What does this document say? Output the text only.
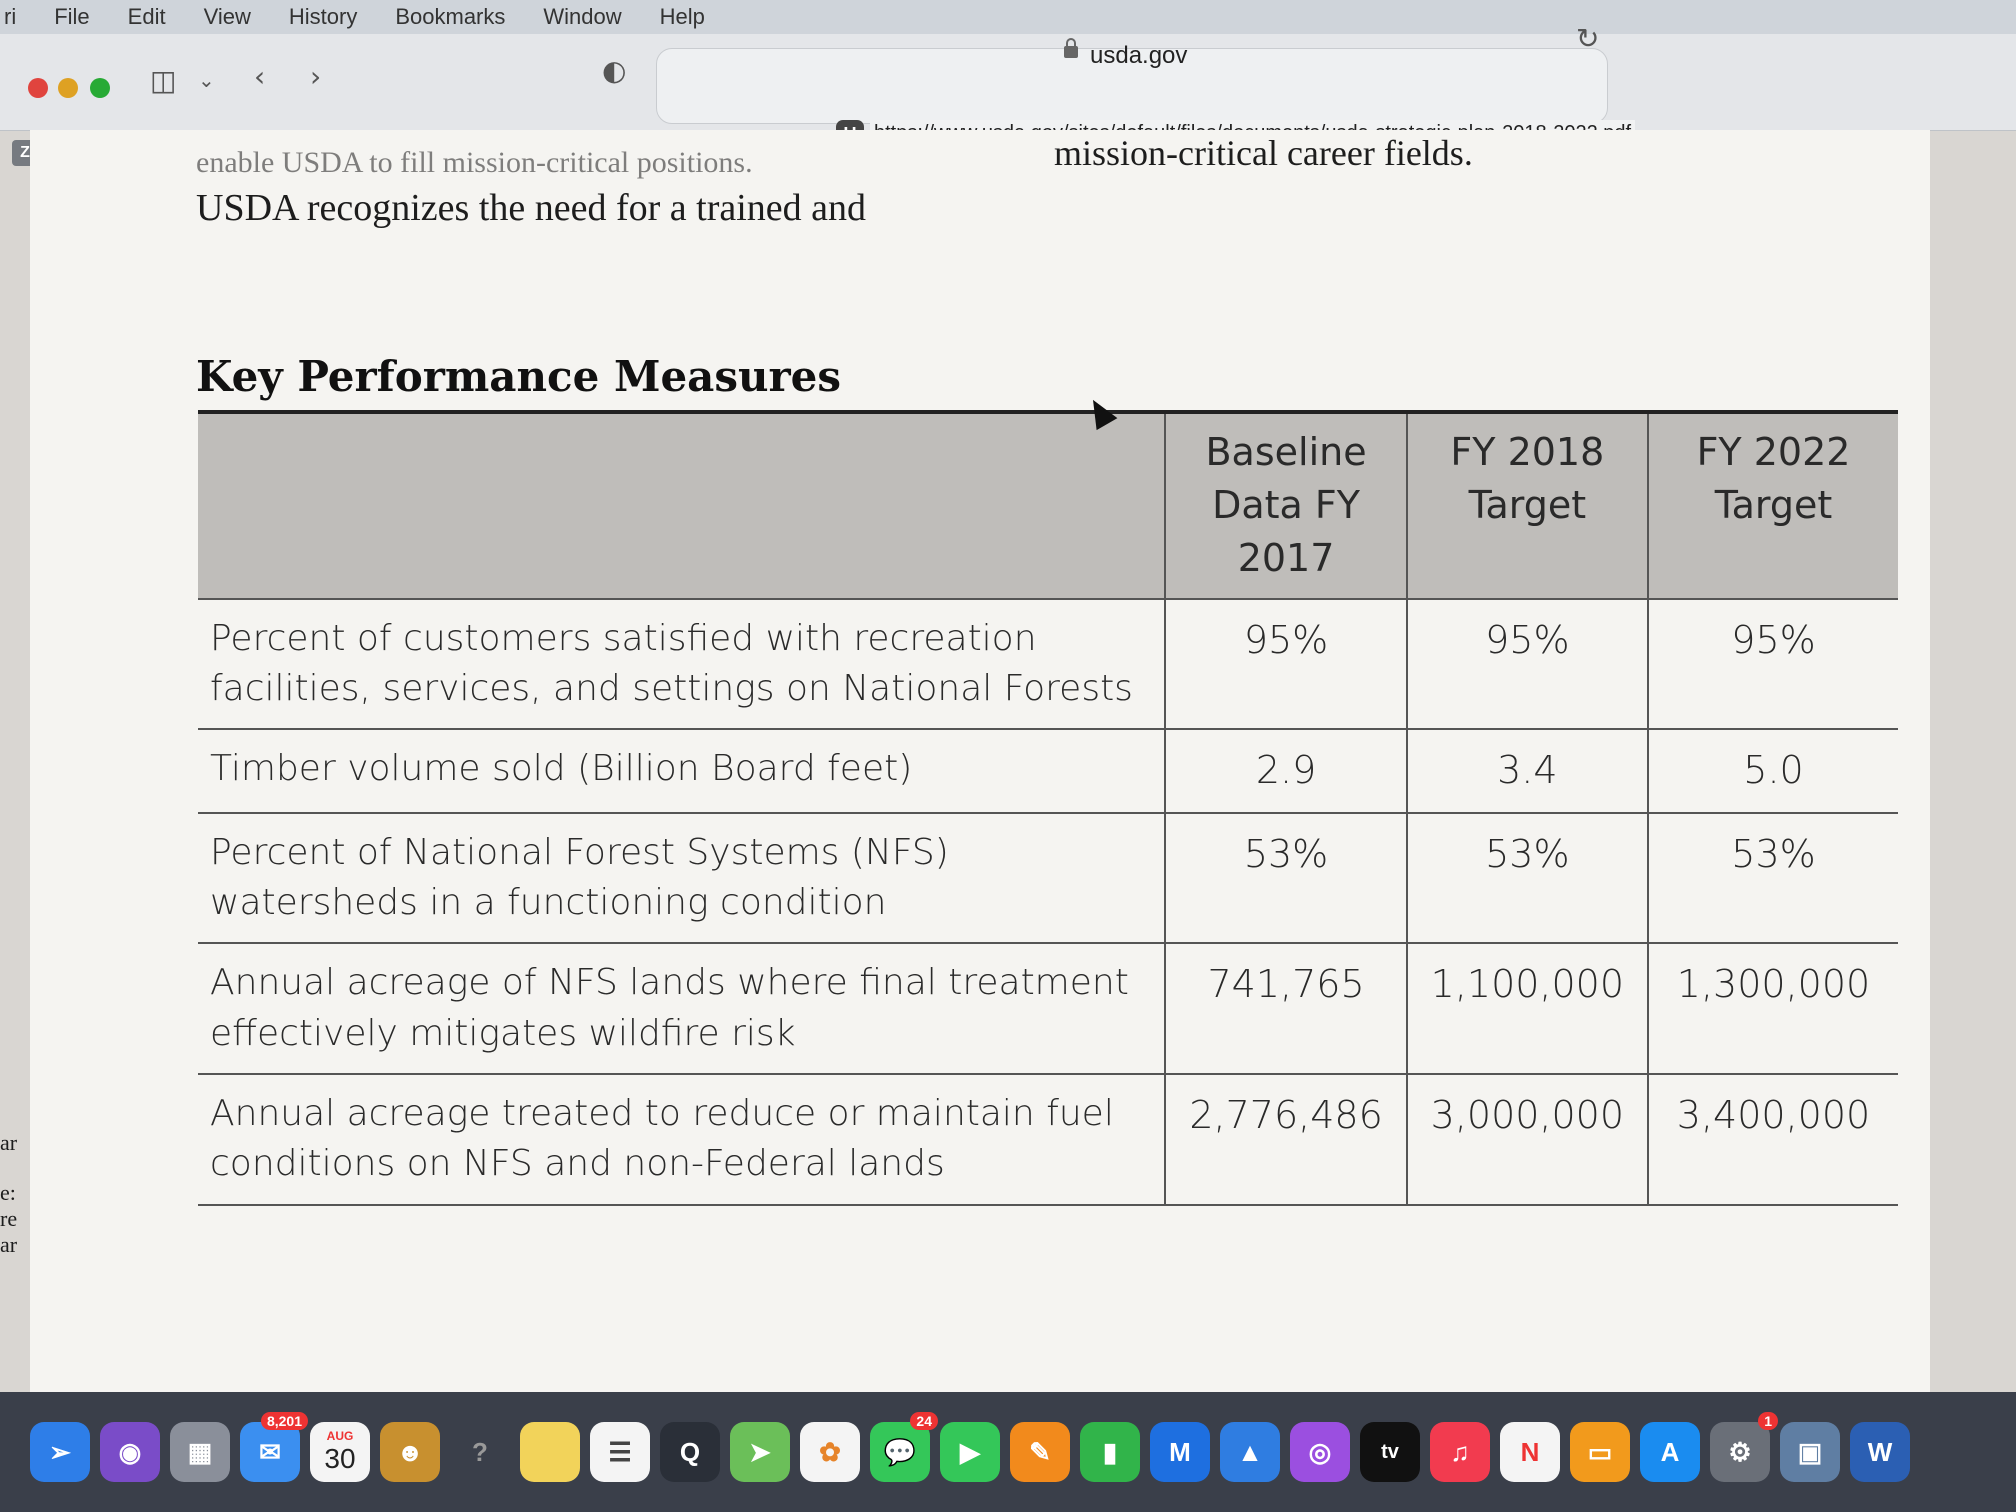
ri File Edit View History Bookmarks Window Help
◫ ⌄ ‹ ›	◐	usda.gov
↻
Z	enable USDA to fill mission-critical positions.	mission-critical career fields.
USDA recognizes the need for a trained and
ar
e:
re
ar
Key Performance Measures
	Baseline Data FY 2017	FY 2018 Target	FY 2022 Target
Percent of customers satisfied with recreation facilities, services, and settings on National Forests	95%	95%	95%
Timber volume sold (Billion Board feet)	2.9	3.4	5.0
Percent of National Forest Systems (NFS) watersheds in a functioning condition	53%	53%	53%
Annual acreage of NFS lands where final treatment effectively mitigates wildfire risk	741,765	1,100,000	1,300,000
Annual acreage treated to reduce or maintain fuel conditions on NFS and non-Federal lands	2,776,486	3,000,000	3,400,000
➢	◉	▦	✉
8,201
AUG
30	☻	?	☰	Q	➤	✿	💬
24
▶	✎	▮	M	▲	◎	tv	♫	N	▭	A	⚙
1
▣	W
